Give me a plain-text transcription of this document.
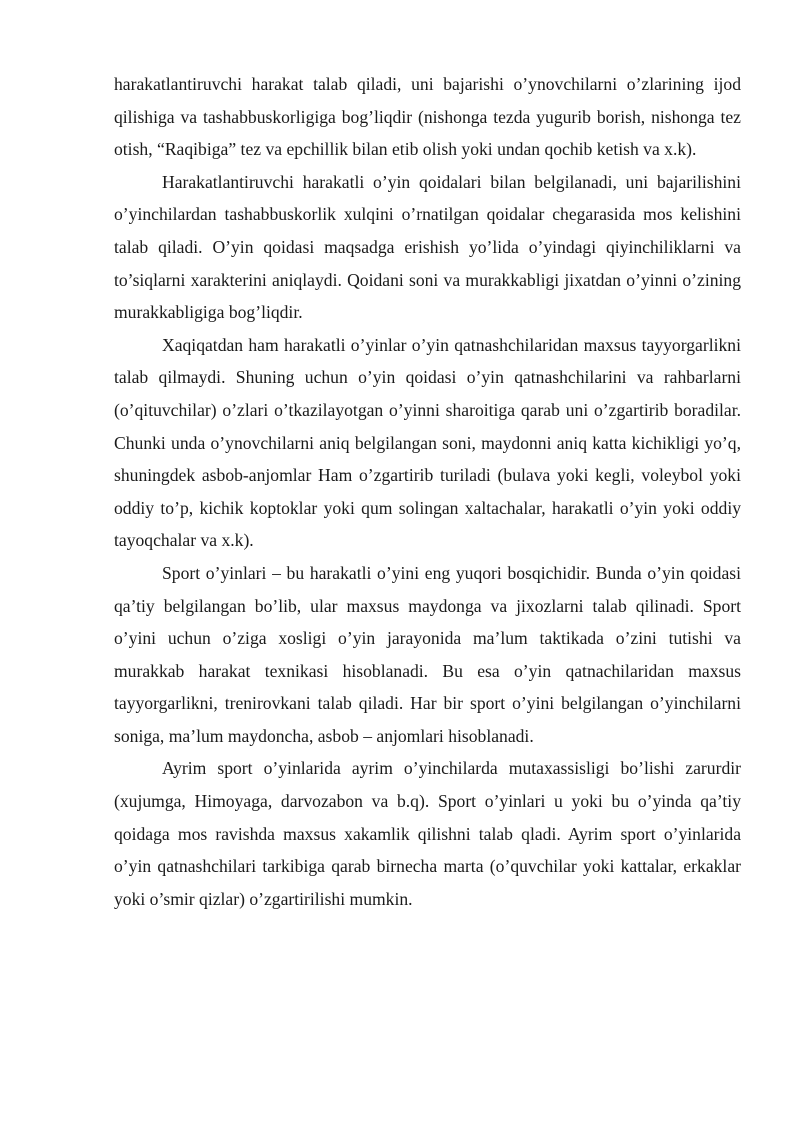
harakatlantiruvchi harakat talab qiladi, uni bajarishi o’ynovchilarni o’zlarining ijod qilishiga va tashabbuskorligiga bog’liqdir (nishonga tezda yugurib borish, nishonga tez otish, “Raqibiga” tez va epchillik bilan etib olish yoki undan qochib ketish va x.k).

Harakatlantiruvchi harakatli o’yin qoidalari bilan belgilanadi, uni bajarilishini o’yinchilardan tashabbuskorlik xulqini o’rnatilgan qoidalar chegarasida mos kelishini talab qiladi. O’yin qoidasi maqsadga erishish yo’lida o’yindagi qiyinchiliklarni va to’siqlarni xarakterini aniqlaydi. Qoidani soni va murakkabligi jixatdan o’yinni o’zining murakkabligiga bog’liqdir.

Xaqiqatdan ham harakatli o’yinlar o’yin qatnashchilaridan maxsus tayyorgarlikni talab qilmaydi. Shuning uchun o’yin qoidasi o’yin qatnashchilarini va rahbarlarni (o’qituvchilar) o’zlari o’tkazilayotgan o’yinni sharoitiga qarab uni o’zgartirib boradilar. Chunki unda o’ynovchilarni aniq belgilangan soni, maydonni aniq katta kichikligi yo’q, shuningdek asbob-anjomlar Ham o’zgartirib turiladi (bulava yoki kegli, voleybol yoki oddiy to’p, kichik koptoklar yoki qum solingan xaltachalar, harakatli o’yin yoki oddiy tayoqchalar va x.k).

Sport o’yinlari – bu harakatli o’yini eng yuqori bosqichidir. Bunda o’yin qoidasi qa’tiy belgilangan bo’lib, ular maxsus maydonga va jixozlarni talab qilinadi. Sport o’yini uchun o’ziga xosligi o’yin jarayonida ma’lum taktikada o’zini tutishi va murakkab harakat texnikasi hisoblanadi. Bu esa o’yin qatnachilaridan maxsus tayyorgarlikni, trenirovkani talab qiladi. Har bir sport o’yini belgilangan o’yinchilarni soniga, ma’lum maydoncha, asbob – anjomlari hisoblanadi.

Ayrim sport o’yinlarida ayrim o’yinchilarda mutaxassisligi bo’lishi zarurdir (xujumga, Himoyaga, darvozabon va b.q). Sport o’yinlari u yoki bu o’yinda qa’tiy qoidaga mos ravishda maxsus xakamlik qilishni talab qladi. Ayrim sport o’yinlarida o’yin qatnashchilari tarkibiga qarab birnecha marta (o’quvchilar yoki kattalar, erkaklar yoki o’smir qizlar) o’zgartirilishi mumkin.
